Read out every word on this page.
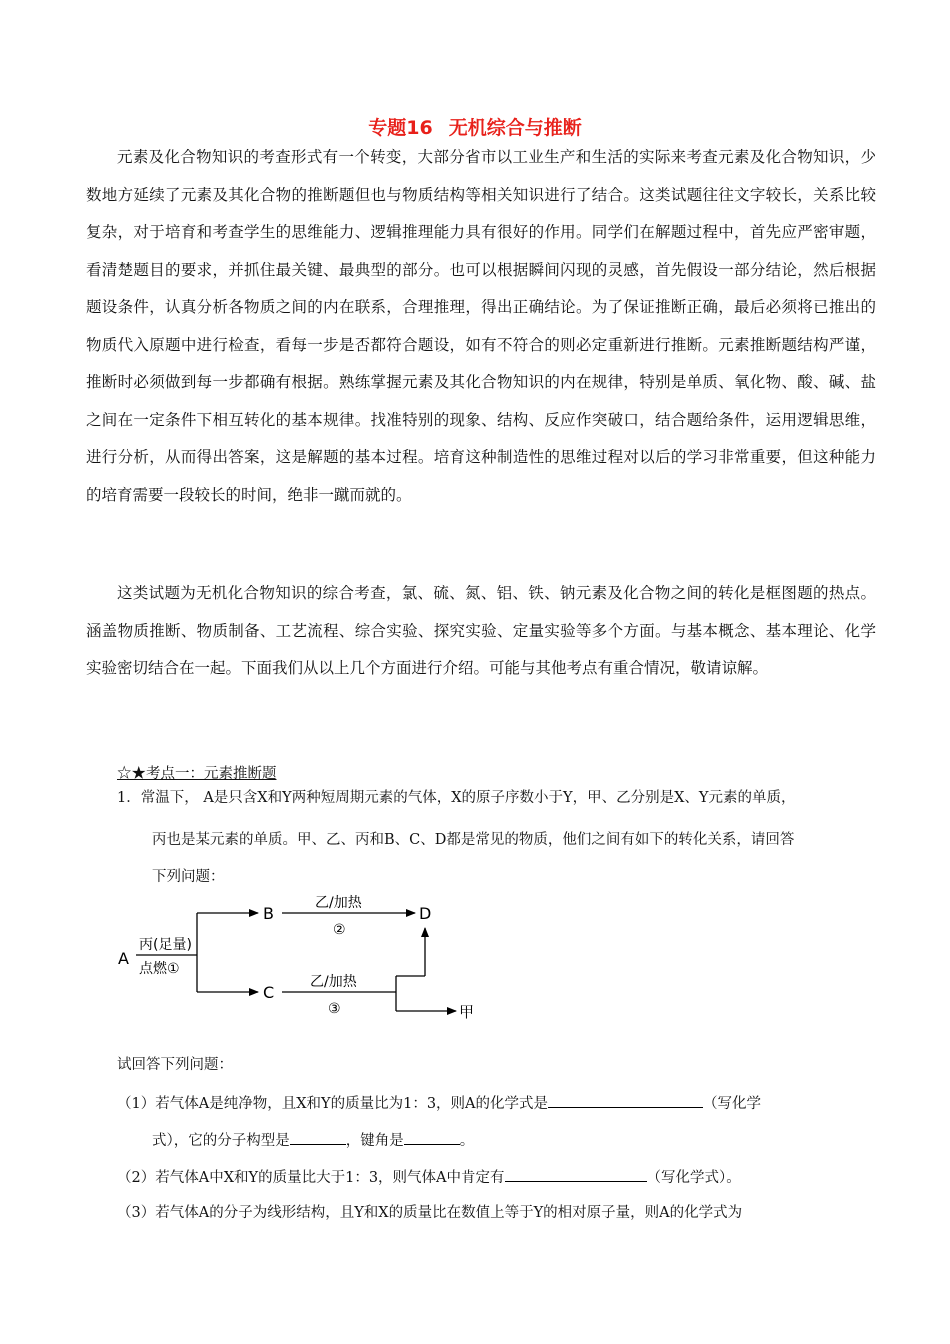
专题16 无机综合与推断

元素及化合物知识的考查形式有一个转变，大部分省市以工业生产和生活的实际来考查元素及化合物知识，少数地方延续了元素及其化合物的推断题但也与物质结构等相关知识进行了结合。这类试题往往文字较长，关系比较复杂，对于培育和考查学生的思维能力、逻辑推理能力具有很好的作用。同学们在解题过程中，首先应严密审题，看清楚题目的要求，并抓住最关键、最典型的部分。也可以根据瞬间闪现的灵感，首先假设一部分结论，然后根据题设条件，认真分析各物质之间的内在联系，合理推理，得出正确结论。为了保证推断正确，最后必须将已推出的物质代入原题中进行检查，看每一步是否都符合题设，如有不符合的则必定重新进行推断。元素推断题结构严谨，推断时必须做到每一步都确有根据。熟练掌握元素及其化合物知识的内在规律，特别是单质、氧化物、酸、碱、盐之间在一定条件下相互转化的基本规律。找准特别的现象、结构、反应作突破口，结合题给条件，运用逻辑思维，进行分析，从而得出答案，这是解题的基本过程。培育这种制造性的思维过程对以后的学习非常重要，但这种能力的培育需要一段较长的时间，绝非一蹴而就的。

这类试题为无机化合物知识的综合考查，氯、硫、氮、铝、铁、钠元素及化合物之间的转化是框图题的热点。涵盖物质推断、物质制备、工艺流程、综合实验、探究实验、定量实验等多个方面。与基本概念、基本理论、化学实验密切结合在一起。下面我们从以上几个方面进行介绍。可能与其他考点有重合情况，敬请谅解。

☆★考点一：元素推断题
1．常温下， A是只含X和Y两种短周期元素的气体，X的原子序数小于Y，甲、乙分别是X、Y元素的单质，
丙也是某元素的单质。甲、乙、丙和B、C、D都是常见的物质，他们之间有如下的转化关系，请回答
下列问题：
A
丙(足量)
点燃①
B
C
乙/加热
②
D
乙/加热
③	甲
试回答下列问题：
（1）若气体A是纯净物，且X和Y的质量比为1：3，则A的化学式是	（写化学
式），它的分子构型是	，键角是	。
（2）若气体A中X和Y的质量比大于1：3，则气体A中肯定有	（写化学式）。
（3）若气体A的分子为线形结构，且Y和X的质量比在数值上等于Y的相对原子量，则A的化学式为
